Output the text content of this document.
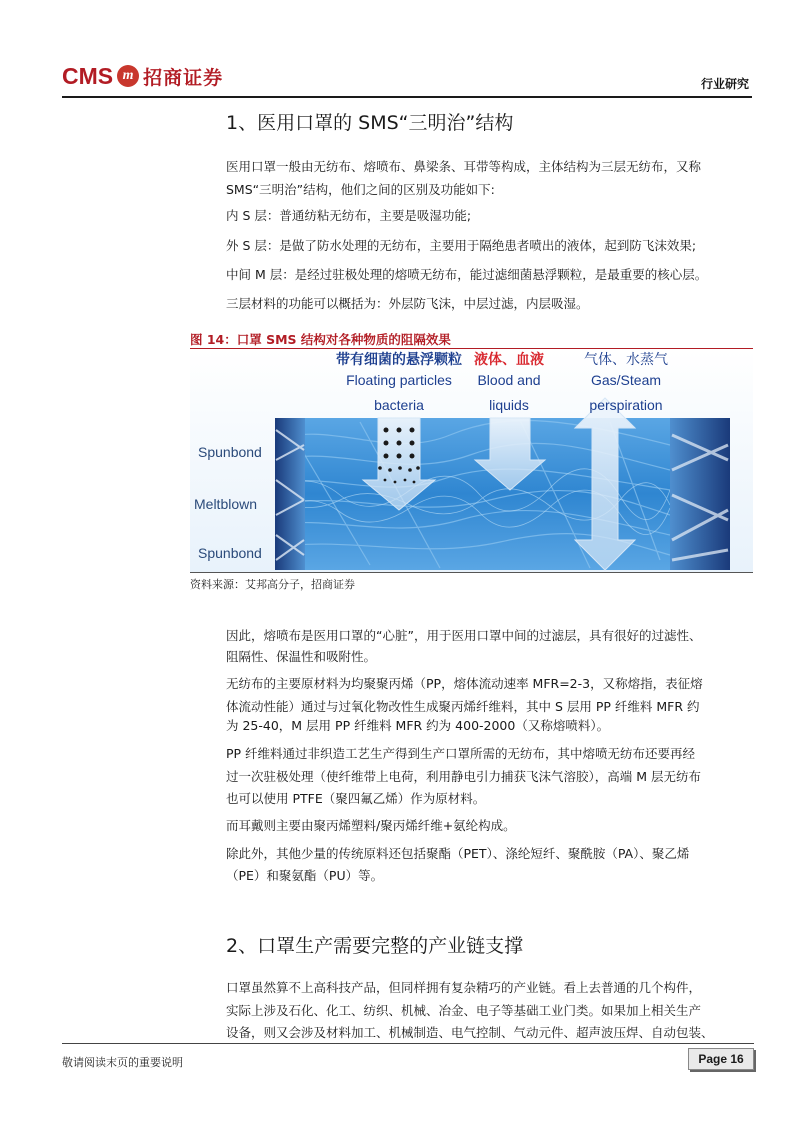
CMS m 招商证券	行业研究
1、医用口罩的 SMS“三明治”结构
医用口罩一般由无纺布、熔喷布、鼻梁条、耳带等构成，主体结构为三层无纺布，又称
SMS“三明治”结构，他们之间的区别及功能如下:
内 S 层：普通纺粘无纺布，主要是吸湿功能;
外 S 层：是做了防水处理的无纺布，主要用于隔绝患者喷出的液体，起到防飞沫效果;
中间 M 层：是经过驻极处理的熔喷无纺布，能过滤细菌悬浮颗粒，是最重要的核心层。
三层材料的功能可以概括为：外层防飞沫，中层过滤，内层吸湿。
图 14：口罩 SMS 结构对各种物质的阻隔效果
带有细菌的悬浮颗粒
Floating particles
bacteria
液体、血液
Blood and
liquids
气体、水蒸气
Gas/Steam
perspiration
Spunbond
Meltblown
Spunbond
资料来源：艾邦高分子，招商证券
因此，熔喷布是医用口罩的“心脏”，用于医用口罩中间的过滤层，具有很好的过滤性、
阻隔性、保温性和吸附性。
无纺布的主要原材料为均聚聚丙烯（PP，熔体流动速率 MFR=2-3，又称熔指，表征熔
体流动性能）通过与过氧化物改性生成聚丙烯纤维料，其中 S 层用 PP 纤维料 MFR 约
为 25-40，M 层用 PP 纤维料 MFR 约为 400-2000（又称熔喷料）。
PP 纤维料通过非织造工艺生产得到生产口罩所需的无纺布，其中熔喷无纺布还要再经
过一次驻极处理（使纤维带上电荷，利用静电引力捕获飞沫气溶胶），高端 M 层无纺布
也可以使用 PTFE（聚四氟乙烯）作为原材料。
而耳戴则主要由聚丙烯塑料/聚丙烯纤维+氨纶构成。
除此外，其他少量的传统原料还包括聚酯（PET）、涤纶短纤、聚酰胺（PA）、聚乙烯
（PE）和聚氨酯（PU）等。
2、口罩生产需要完整的产业链支撑
口罩虽然算不上高科技产品，但同样拥有复杂精巧的产业链。看上去普通的几个构件，
实际上涉及石化、化工、纺织、机械、冶金、电子等基础工业门类。如果加上相关生产
设备，则又会涉及材料加工、机械制造、电气控制、气动元件、超声波压焊、自动包装、
敬请阅读末页的重要说明	Page 16
